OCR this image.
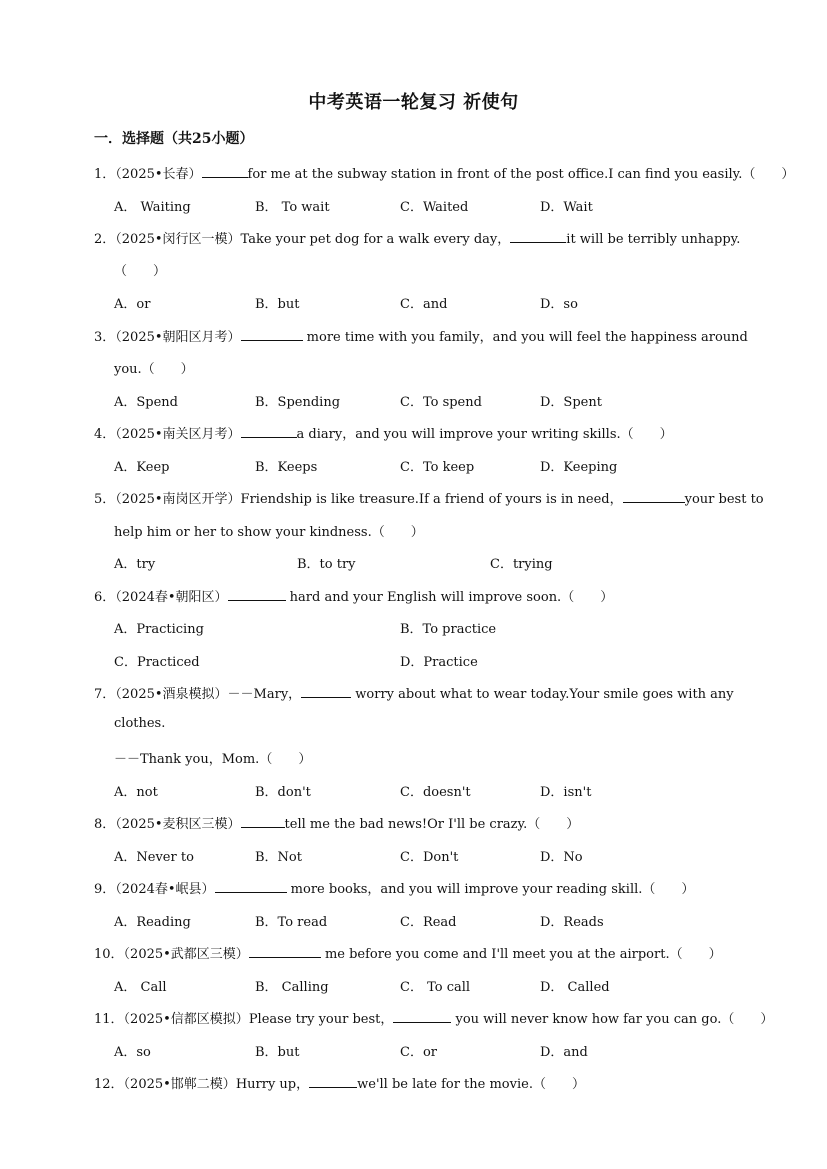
中考英语一轮复习 祈使句
一．选择题（共25小题）
1．（2025•长春）	for me at the subway station in front of the post office.I can find you easily.（　　）
A． Waiting	B． To wait	C．Waited	D．Wait
2．（2025•闵行区一模）Take your pet dog for a walk every day，	it will be terribly unhappy.
（　　）
A．or	B．but	C．and	D．so
3．（2025•朝阳区月考）	more time with you family，and you will feel the happiness around
you.（　　）
A．Spend	B．Spending	C．To spend	D．Spent
4．（2025•南关区月考）	a diary，and you will improve your writing skills.（　　）
A．Keep	B．Keeps	C．To keep	D．Keeping
5．（2025•南岗区开学）Friendship is like treasure.If a friend of yours is in need，	your best to
help him or her to show your kindness.（　　）
A．try	B．to try	C．trying
6．（2024春•朝阳区）	hard and your English will improve soon.（　　）
A．Practicing	B．To practice
C．Practiced	D．Practice
7．（2025•酒泉模拟）－－Mary，	worry about what to wear today.Your smile goes with any
clothes.
－－Thank you，Mom.（　　）
A．not	B．don't	C．doesn't	D．isn't
8．（2025•麦积区三模）	tell me the bad news!Or I'll be crazy.（　　）
A．Never to	B．Not	C．Don't	D．No
9．（2024春•岷县）	more books，and you will improve your reading skill.（　　）
A．Reading	B．To read	C．Read	D．Reads
10．（2025•武都区三模）	me before you come and I'll meet you at the airport.（　　）
A． Call	B． Calling	C． To call	D． Called
11．（2025•信都区模拟）Please try your best，	you will never know how far you can go.（　　）
A．so	B．but	C．or	D．and
12．（2025•邯郸二模）Hurry up，	we'll be late for the movie.（　　）
